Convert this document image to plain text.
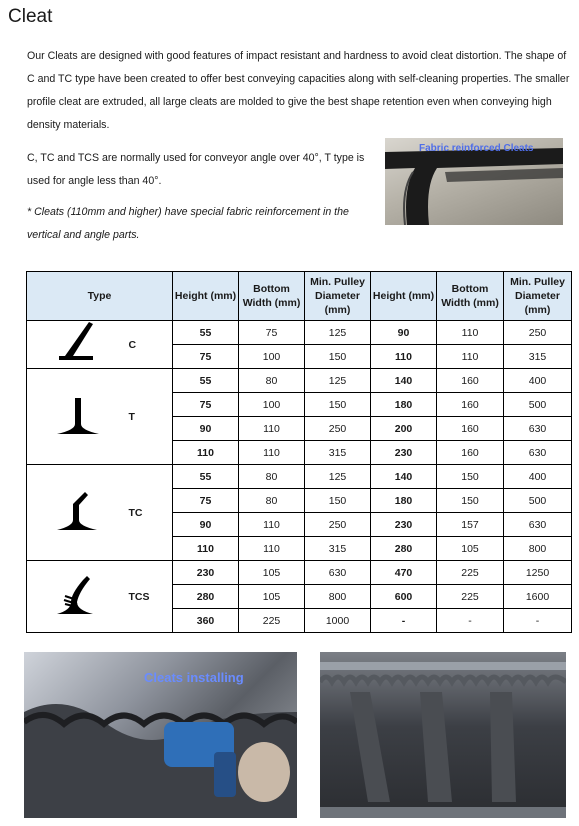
Cleat

Our Cleats are designed with good features of impact resistant and hardness to avoid cleat distortion. The shape of C and TC type have been created to offer best conveying capacities along with self-cleaning properties. The smaller profile cleat are extruded, all large cleats are molded to give the best shape retention even when conveying high density materials.

C, TC and TCS are normally used for conveyor angle over 40°, T type is used for angle less than 40°.

* Cleats (110mm and higher) have special fabric reinforcement in the vertical and angle parts.

Fabric reinforced Cleats
Type		Height (mm)	Bottom Width (mm)	Min. Pulley Diameter (mm)	Height (mm)	Bottom Width (mm)	Min. Pulley Diameter (mm)
	C	55	75	125	90	110	250
		75	100	150	110	110	315
	T	55	80	125	140	160	400
		75	100	150	180	160	500
		90	110	250	200	160	630
		110	110	315	230	160	630
	TC	55	80	125	140	150	400
		75	80	150	180	150	500
		90	110	250	230	157	630
		110	110	315	280	105	800
	TCS	230	105	630	470	225	1250
		280	105	800	600	225	1600
		360	225	1000	-	-	-
Cleats installing
